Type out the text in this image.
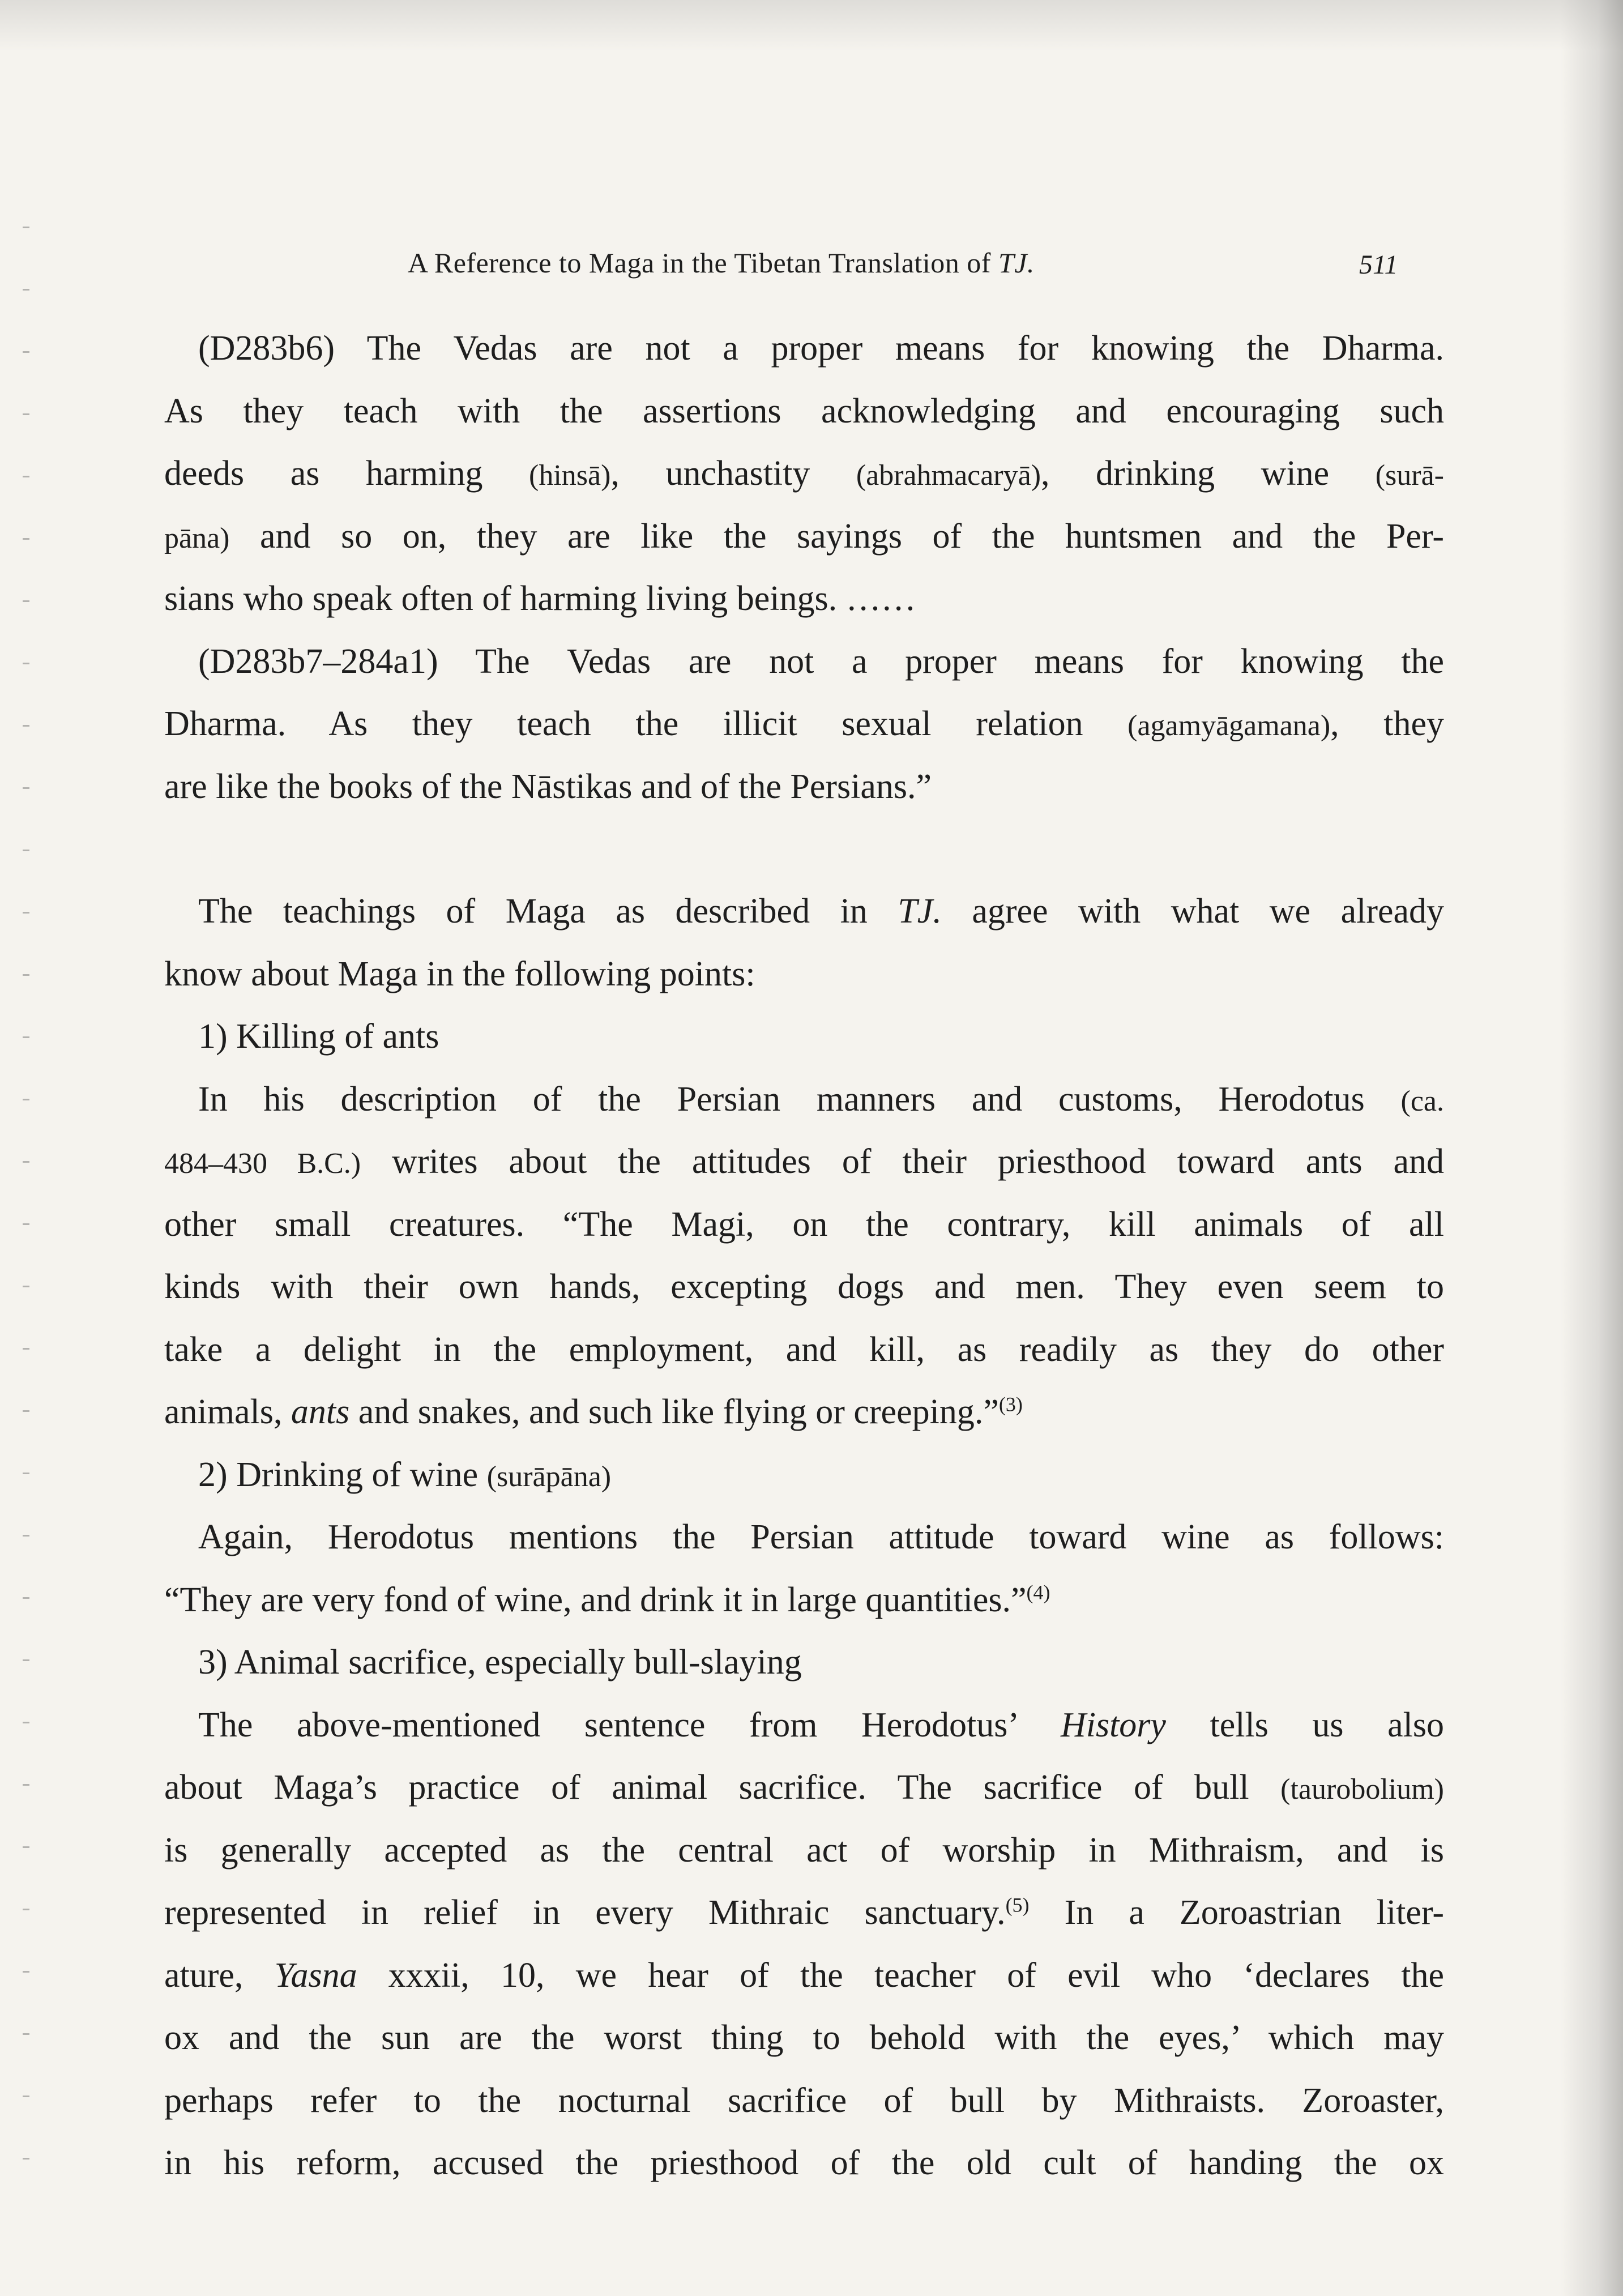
A Reference to Maga in the Tibetan Translation of TJ.	511
(D283b6) The Vedas are not a proper means for knowing the Dharma.
As they teach with the assertions acknowledging and encouraging such
deeds as harming (hinsā), unchastity (abrahmacaryā), drinking wine (surā-
pāna) and so on, they are like the sayings of the huntsmen and the Per-
sians who speak often of harming living beings. ……
(D283b7–284a1) The Vedas are not a proper means for knowing the
Dharma. As they teach the illicit sexual relation (agamyāgamana), they
are like the books of the Nāstikas and of the Persians.”
The teachings of Maga as described in TJ. agree with what we already
know about Maga in the following points:
1) Killing of ants
In his description of the Persian manners and customs, Herodotus (ca.
484–430 B.C.) writes about the attitudes of their priesthood toward ants and
other small creatures. “The Magi, on the contrary, kill animals of all
kinds with their own hands, excepting dogs and men. They even seem to
take a delight in the employment, and kill, as readily as they do other
animals, ants and snakes, and such like flying or creeping.”$^{(3)}$
2) Drinking of wine (surāpāna)
Again, Herodotus mentions the Persian attitude toward wine as follows:
“They are very fond of wine, and drink it in large quantities.”$^{(4)}$
3) Animal sacrifice, especially bull-slaying
The above-mentioned sentence from Herodotus’ History tells us also
about Maga’s practice of animal sacrifice. The sacrifice of bull (taurobolium)
is generally accepted as the central act of worship in Mithraism, and is
represented in relief in every Mithraic sanctuary.$^{(5)}$ In a Zoroastrian liter-
ature, Yasna xxxii, 10, we hear of the teacher of evil who ‘declares the
ox and the sun are the worst thing to behold with the eyes,’ which may
perhaps refer to the nocturnal sacrifice of bull by Mithraists. Zoroaster,
in his reform, accused the priesthood of the old cult of handing the ox
